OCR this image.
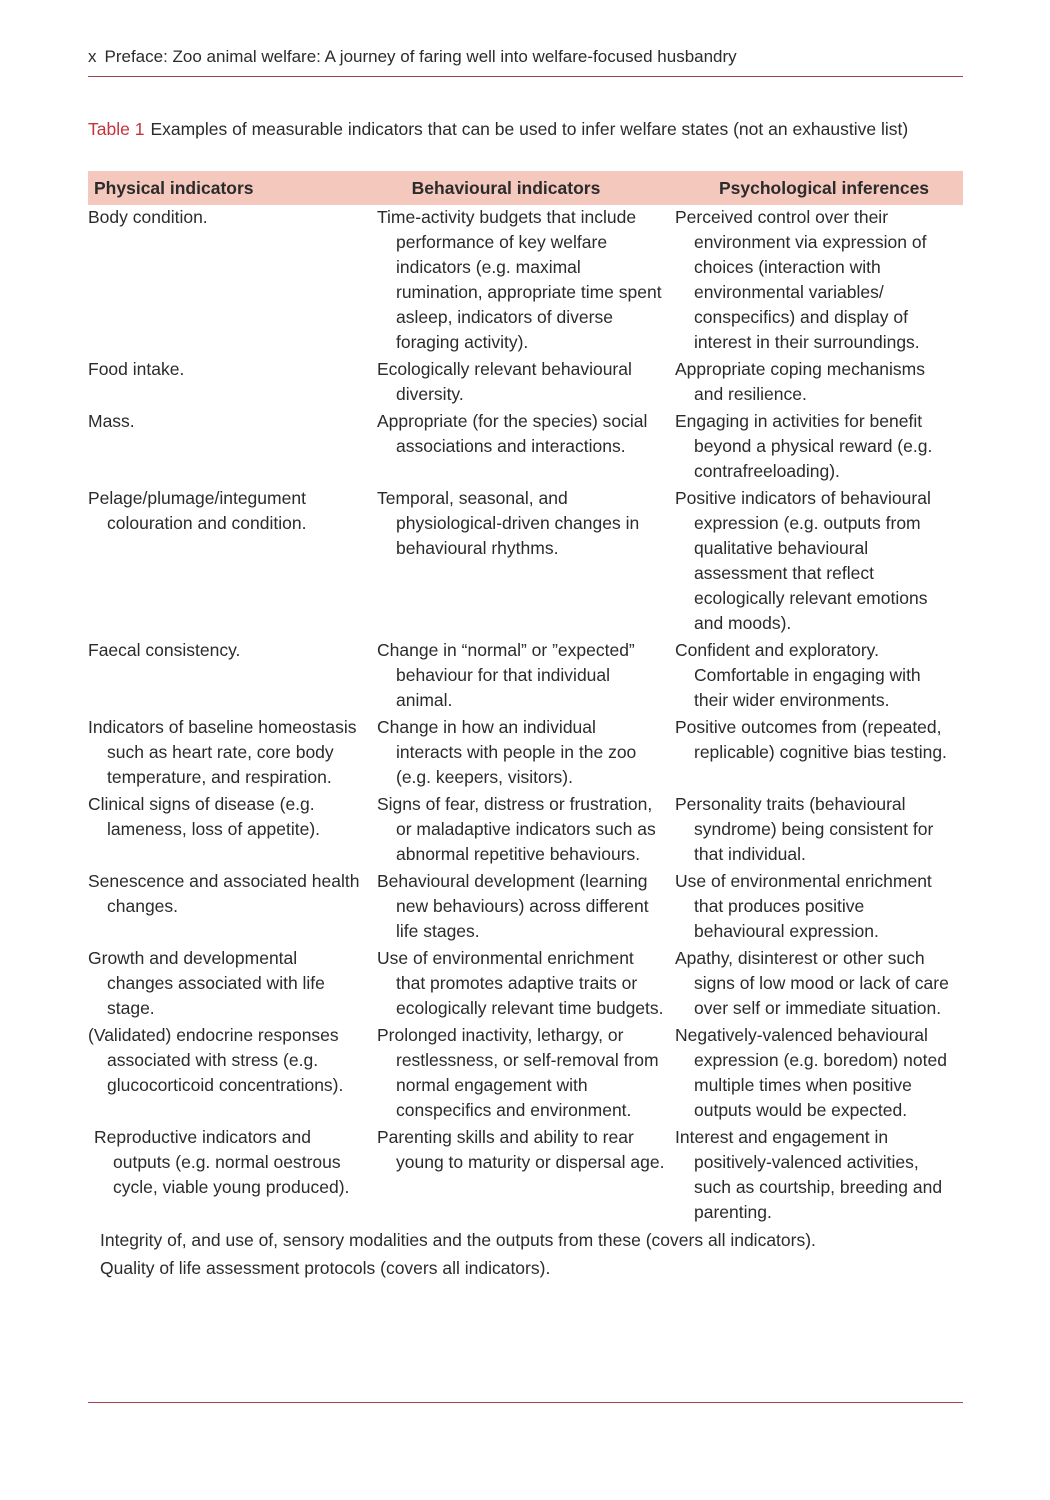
x Preface: Zoo animal welfare: A journey of faring well into welfare-focused husbandry
Table 1 Examples of measurable indicators that can be used to infer welfare states (not an exhaustive list)
Physical indicators	Behavioural indicators	Psychological inferences

Body condition.	Time-activity budgets that include performance of key welfare indicators (e.g. maximal rumination, appropriate time spent asleep, indicators of diverse foraging activity).	Perceived control over their environment via expression of choices (interaction with environmental variables/ conspecifics) and display of interest in their surroundings.

Food intake.	Ecologically relevant behavioural diversity.	Appropriate coping mechanisms and resilience.

Mass.	Appropriate (for the species) social associations and interactions.	Engaging in activities for benefit beyond a physical reward (e.g. contrafreeloading).

Pelage/plumage/integument colouration and condition.	Temporal, seasonal, and physiological-driven changes in behavioural rhythms.	Positive indicators of behavioural expression (e.g. outputs from qualitative behavioural assessment that reflect ecologically relevant emotions and moods).

Faecal consistency.	Change in “normal” or ”expected” behaviour for that individual animal.	Confident and exploratory. Comfortable in engaging with their wider environments.

Indicators of baseline homeostasis such as heart rate, core body temperature, and respiration.	Change in how an individual interacts with people in the zoo (e.g. keepers, visitors).	Positive outcomes from (repeated, replicable) cognitive bias testing.

Clinical signs of disease (e.g. lameness, loss of appetite).	Signs of fear, distress or frustration, or maladaptive indicators such as abnormal repetitive behaviours.	Personality traits (behavioural syndrome) being consistent for that individual.

Senescence and associated health changes.	Behavioural development (learning new behaviours) across different life stages.	Use of environmental enrichment that produces positive behavioural expression.

Growth and developmental changes associated with life stage.	Use of environmental enrichment that promotes adaptive traits or ecologically relevant time budgets.	Apathy, disinterest or other such signs of low mood or lack of care over self or immediate situation.

(Validated) endocrine responses associated with stress (e.g. glucocorticoid concentrations).	Prolonged inactivity, lethargy, or restlessness, or self-removal from normal engagement with conspecifics and environment.	Negatively-valenced behavioural expression (e.g. boredom) noted multiple times when positive outputs would be expected.

Reproductive indicators and outputs (e.g. normal oestrous cycle, viable young produced).	Parenting skills and ability to rear young to maturity or dispersal age.	Interest and engagement in positively-valenced activities, such as courtship, breeding and parenting.

Integrity of, and use of, sensory modalities and the outputs from these (covers all indicators).		

Quality of life assessment protocols (covers all indicators).		
